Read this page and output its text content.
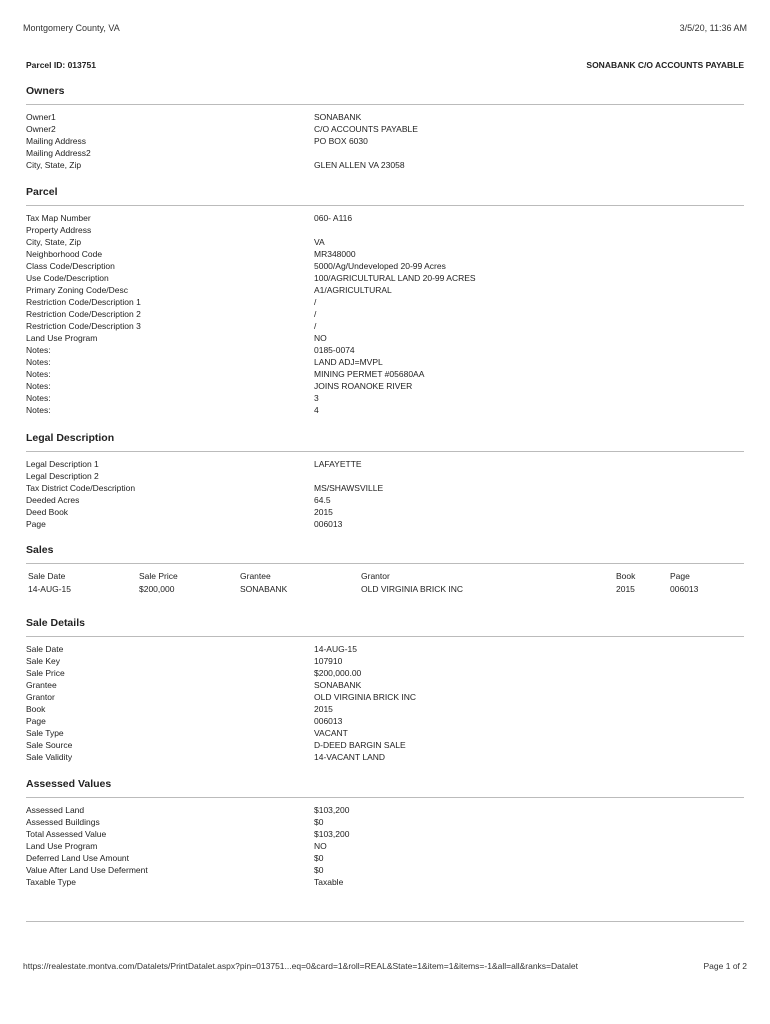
Montgomery County, VA	3/5/20, 11:36 AM
Parcel ID: 013751	SONABANK C/O ACCOUNTS PAYABLE
Owners
Owner1	SONABANK
Owner2	C/O ACCOUNTS PAYABLE
Mailing Address	PO BOX 6030
Mailing Address2
City, State, Zip	GLEN ALLEN VA 23058
Parcel
Tax Map Number	060- A116
Property Address
City, State, Zip	VA
Neighborhood Code	MR348000
Class Code/Description	5000/Ag/Undeveloped 20-99 Acres
Use Code/Description	100/AGRICULTURAL LAND 20-99 ACRES
Primary Zoning Code/Desc	A1/AGRICULTURAL
Restriction Code/Description 1	/
Restriction Code/Description 2	/
Restriction Code/Description 3	/
Land Use Program	NO
Notes:	0185-0074
Notes:	LAND ADJ=MVPL
Notes:	MINING PERMET #05680AA
Notes:	JOINS ROANOKE RIVER
Notes:	3
Notes:	4
Legal Description
Legal Description 1	LAFAYETTE
Legal Description 2
Tax District Code/Description	MS/SHAWSVILLE
Deeded Acres	64.5
Deed Book	2015
Page	006013
Sales
Sale Date	Sale Price	Grantee	Grantor	Book	Page
14-AUG-15	$200,000	SONABANK	OLD VIRGINIA BRICK INC	2015	006013
Sale Details
Sale Date	14-AUG-15
Sale Key	107910
Sale Price	$200,000.00
Grantee	SONABANK
Grantor	OLD VIRGINIA BRICK INC
Book	2015
Page	006013
Sale Type	VACANT
Sale Source	D-DEED BARGIN SALE
Sale Validity	14-VACANT LAND
Assessed Values
Assessed Land	$103,200
Assessed Buildings	$0
Total Assessed Value	$103,200
Land Use Program	NO
Deferred Land Use Amount	$0
Value After Land Use Deferment	$0
Taxable Type	Taxable
https://realestate.montva.com/Datalets/PrintDatalet.aspx?pin=013751...eq=0&card=1&roll=REAL&State=1&item=1&items=-1&all=all&ranks=Datalet	Page 1 of 2
